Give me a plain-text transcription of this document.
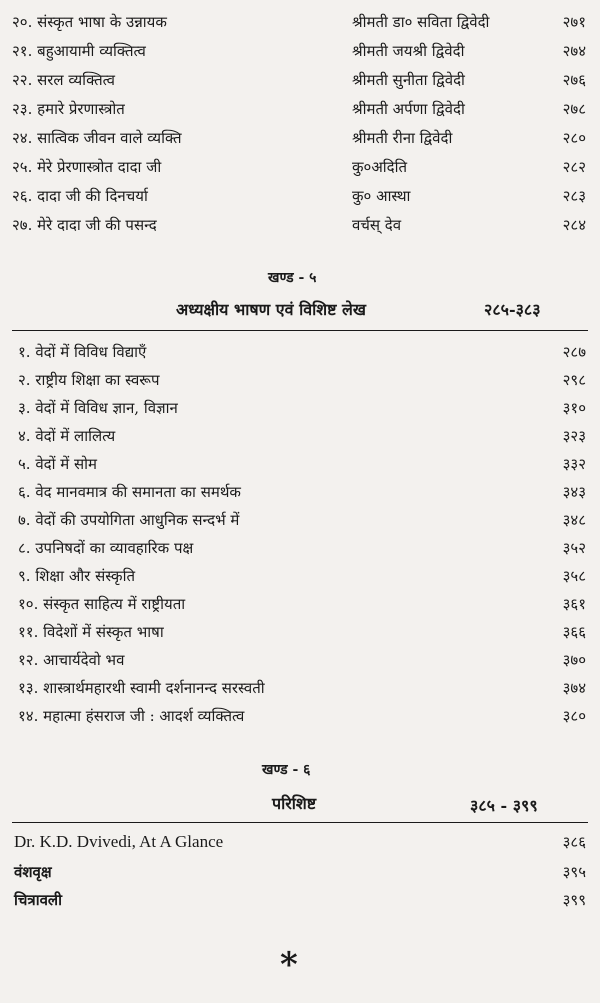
२०. संस्कृत भाषा के उन्नायक	श्रीमती डा० सविता द्विवेदी	२७१
२१. बहुआयामी व्यक्तित्व	श्रीमती जयश्री द्विवेदी	२७४
२२. सरल व्यक्तित्व	श्रीमती सुनीता द्विवेदी	२७६
२३. हमारे प्रेरणास्त्रोत	श्रीमती अर्पणा द्विवेदी	२७८
२४. सात्विक जीवन वाले व्यक्ति	श्रीमती रीना द्विवेदी	२८०
२५. मेरे प्रेरणास्त्रोत दादा जी	कु०अदिति	२८२
२६. दादा जी की दिनचर्या	कु० आस्था	२८३
२७. मेरे दादा जी की पसन्द	वर्चस् देव	२८४
खण्ड - ५
अध्यक्षीय भाषण एवं विशिष्ट लेख	२८५-३८३
१. वेदों में विविध विद्याएँ	२८७
२. राष्ट्रीय शिक्षा का स्वरूप	२९८
३. वेदों में विविध ज्ञान, विज्ञान	३१०
४. वेदों में लालित्य	३२३
५. वेदों में सोम	३३२
६. वेद मानवमात्र की समानता का समर्थक	३४३
७. वेदों की उपयोगिता आधुनिक सन्दर्भ में	३४८
८. उपनिषदों का व्यावहारिक पक्ष	३५२
९. शिक्षा और संस्कृति	३५८
१०. संस्कृत साहित्य में राष्ट्रीयता	३६१
११. विदेशों में संस्कृत भाषा	३६६
१२. आचार्यदेवो भव	३७०
१३. शास्त्रार्थमहारथी स्वामी दर्शनानन्द सरस्वती	३७४
१४. महात्मा हंसराज जी : आदर्श व्यक्तित्व	३८०
खण्ड - ६
परिशिष्ट	३८५ - ३९९
Dr. K.D. Dvivedi, At A Glance	३८६
वंशवृक्ष	३९५
चित्रावली	३९९
*
